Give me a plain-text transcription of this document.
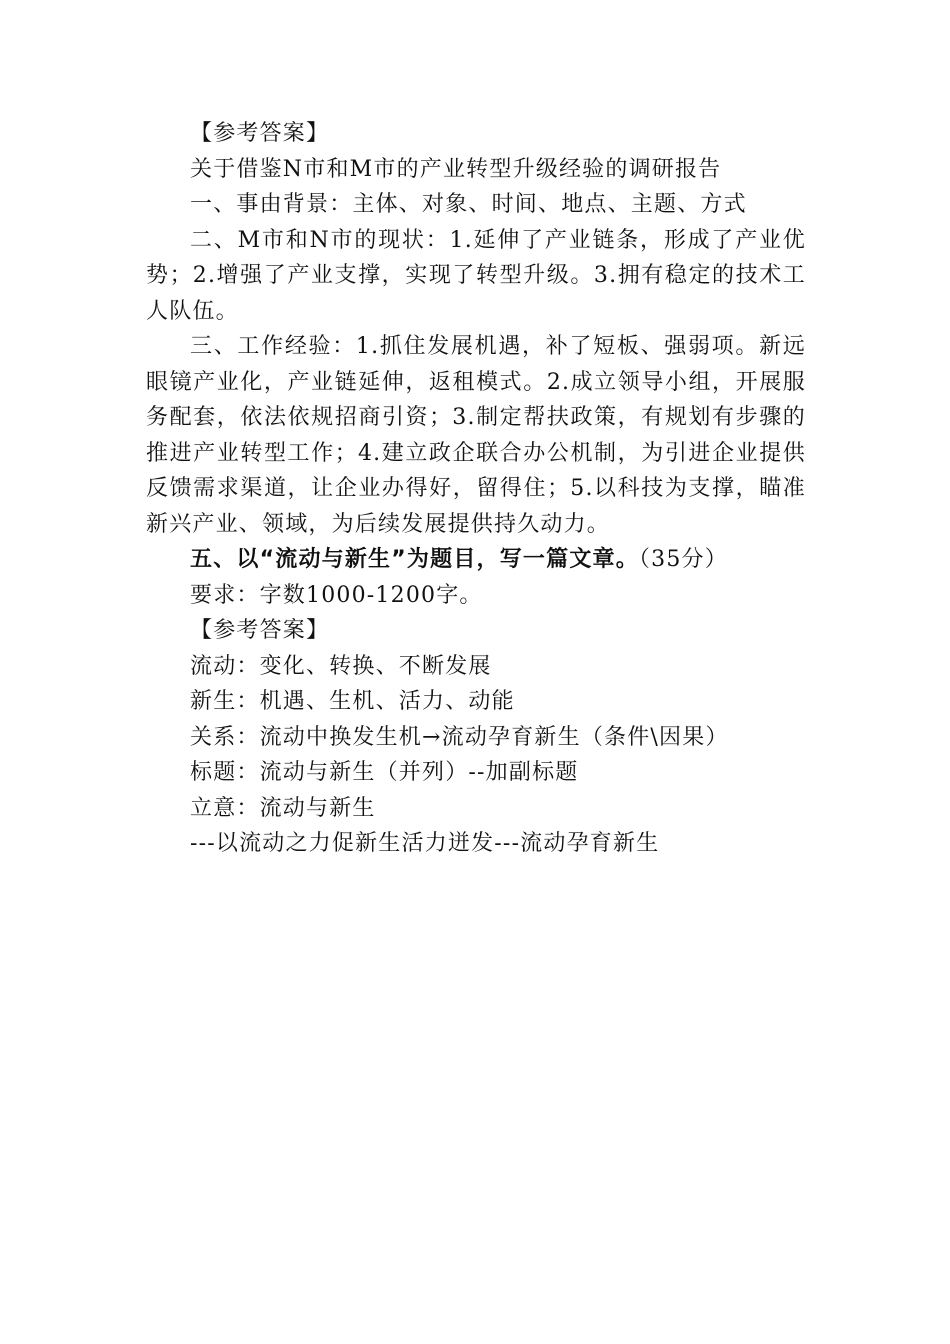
【参考答案】

关于借鉴N市和M市的产业转型升级经验的调研报告

一、事由背景：主体、对象、时间、地点、主题、方式

二、M市和N市的现状：1.延伸了产业链条，形成了产业优势；2.增强了产业支撑，实现了转型升级。3.拥有稳定的技术工人队伍。

三、工作经验：1.抓住发展机遇，补了短板、强弱项。新远眼镜产业化，产业链延伸，返租模式。2.成立领导小组，开展服务配套，依法依规招商引资；3.制定帮扶政策，有规划有步骤的推进产业转型工作；4.建立政企联合办公机制，为引进企业提供反馈需求渠道，让企业办得好，留得住；5.以科技为支撑，瞄准新兴产业、领域，为后续发展提供持久动力。

五、以“流动与新生”为题目，写一篇文章。（35分）

要求：字数1000-1200字。

【参考答案】

流动：变化、转换、不断发展

新生：机遇、生机、活力、动能

关系：流动中换发生机→流动孕育新生（条件\因果）

标题：流动与新生（并列）--加副标题

立意：流动与新生

---以流动之力促新生活力迸发---流动孕育新生
